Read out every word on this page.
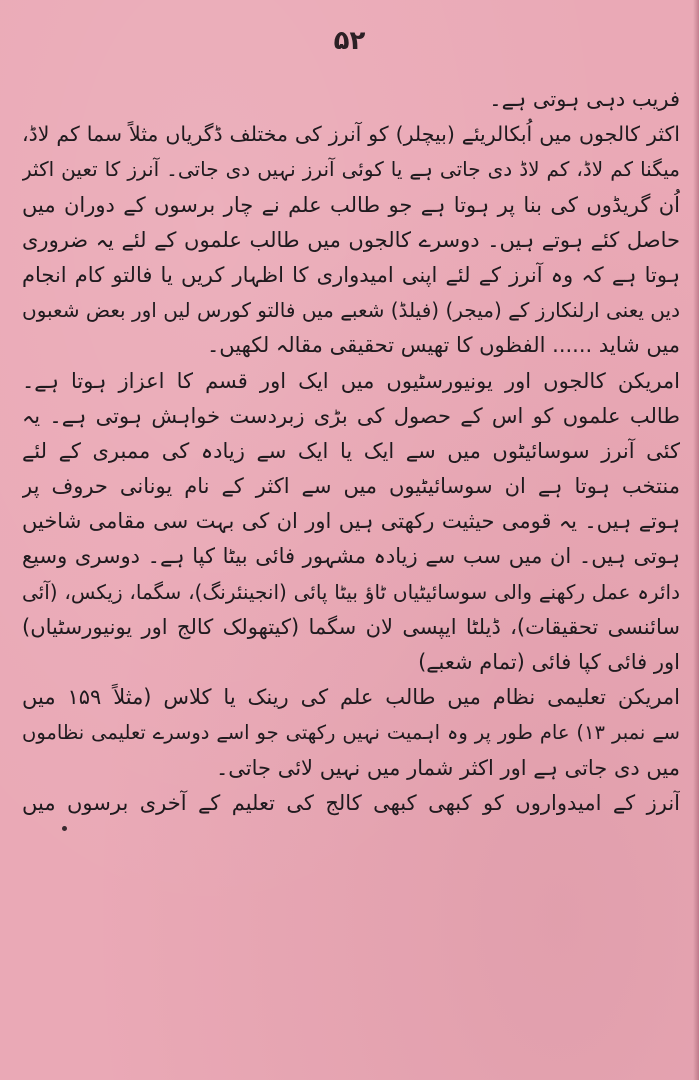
۵۲
فریب دہی ہوتی ہے۔
اکثر کالجوں میں اُبکالریئے (بیچلر) کو آنرز کی مختلف ڈگریاں مثلاً سما کم لاڈ،
میگنا کم لاڈ، کم لاڈ دی جاتی ہے یا کوئی آنرز نہیں دی جاتی۔ آنرز کا تعین اکثر
اُن گریڈوں کی بنا پر ہوتا ہے جو طالب علم نے چار برسوں کے دوران میں
حاصل کئے ہوتے ہیں۔ دوسرے کالجوں میں طالب علموں کے لئے یہ ضروری
ہوتا ہے کہ وہ آنرز کے لئے اپنی امیدواری کا اظہار کریں یا فالتو کام انجام
دیں یعنی ارلنکارز کے (میجر) (فیلڈ) شعبے میں فالتو کورس لیں اور بعض شعبوں
میں شاید ...... الفظوں کا تھیس تحقیقی مقالہ لکھیں۔
امریکن کالجوں اور یونیورسٹیوں میں ایک اور قسم کا اعزاز ہوتا ہے۔
طالب علموں کو اس کے حصول کی بڑی زبردست خواہش ہوتی ہے۔ یہ
کئی آنرز سوسائیٹوں میں سے ایک یا ایک سے زیادہ کی ممبری کے لئے
منتخب ہوتا ہے ان سوسائیٹیوں میں سے اکثر کے نام یونانی حروف پر
ہوتے ہیں۔ یہ قومی حیثیت رکھتی ہیں اور ان کی بہت سی مقامی شاخیں
ہوتی ہیں۔ ان میں سب سے زیادہ مشہور فائی بیٹا کپا ہے۔ دوسری وسیع
دائرہ عمل رکھنے والی سوسائیٹیاں ٹاؤ بیٹا پائی (انجینئرنگ)، سگما، زیکس، (آئی
سائنسی تحقیقات)، ڈیلٹا ایپسی لان سگما (کیتھولک کالج اور یونیورسٹیاں)
اور فائی کپا فائی (تمام شعبے)
امریکن تعلیمی نظام میں طالب علم کی رینک یا کلاس (مثلاً ۱۵۹ میں
سے نمبر ۱۳) عام طور پر وہ اہمیت نہیں رکھتی جو اسے دوسرے تعلیمی نظاموں
میں دی جاتی ہے اور اکثر شمار میں نہیں لائی جاتی۔
آنرز کے امیدواروں کو کبھی کبھی کالج کی تعلیم کے آخری برسوں میں
